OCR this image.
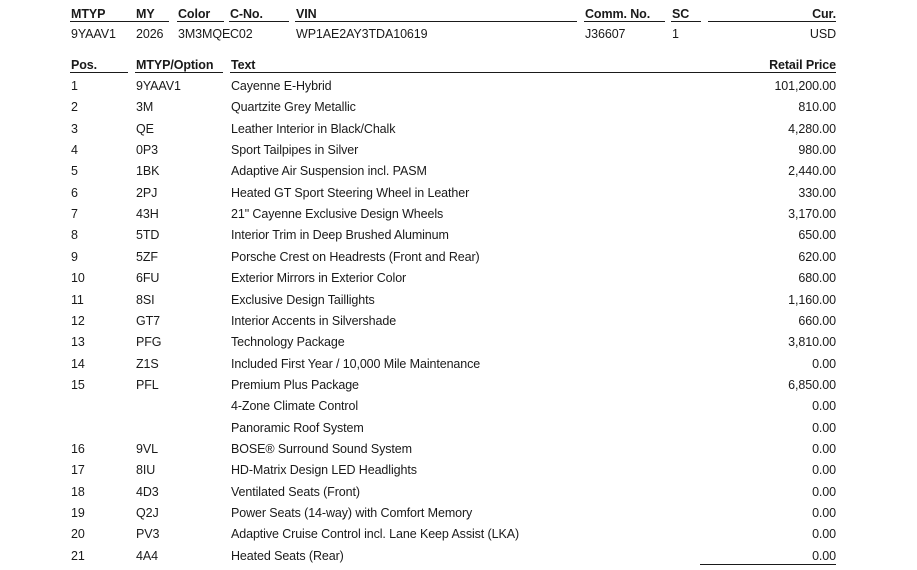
MTYP MY Color C-No.	VIN	Comm. No. SC	Cur.
9YAAV1 2026 3M3MQE C02	WP1AE2AY3TDA10619	J36607	1	USD
Pos.	MTYP/Option Text	Retail Price
1	9YAAV1	Cayenne E-Hybrid	101,200.00
2	3M	Quartzite Grey Metallic	810.00
3	QE	Leather Interior in Black/Chalk	4,280.00
4	0P3	Sport Tailpipes in Silver	980.00
5	1BK	Adaptive Air Suspension incl. PASM	2,440.00
6	2PJ	Heated GT Sport Steering Wheel in Leather	330.00
7	43H	21" Cayenne Exclusive Design Wheels	3,170.00
8	5TD	Interior Trim in Deep Brushed Aluminum	650.00
9	5ZF	Porsche Crest on Headrests (Front and Rear)	620.00
10	6FU	Exterior Mirrors in Exterior Color	680.00
11	8SI	Exclusive Design Taillights	1,160.00
12	GT7	Interior Accents in Silvershade	660.00
13	PFG	Technology Package	3,810.00
14	Z1S	Included First Year / 10,000 Mile Maintenance	0.00
15	PFL	Premium Plus Package	6,850.00
4-Zone Climate Control	0.00
Panoramic Roof System	0.00
16	9VL	BOSE® Surround Sound System	0.00
17	8IU	HD-Matrix Design LED Headlights	0.00
18	4D3	Ventilated Seats (Front)	0.00
19	Q2J	Power Seats (14-way) with Comfort Memory	0.00
20	PV3	Adaptive Cruise Control incl. Lane Keep Assist (LKA)	0.00
21	4A4	Heated Seats (Rear)	0.00
